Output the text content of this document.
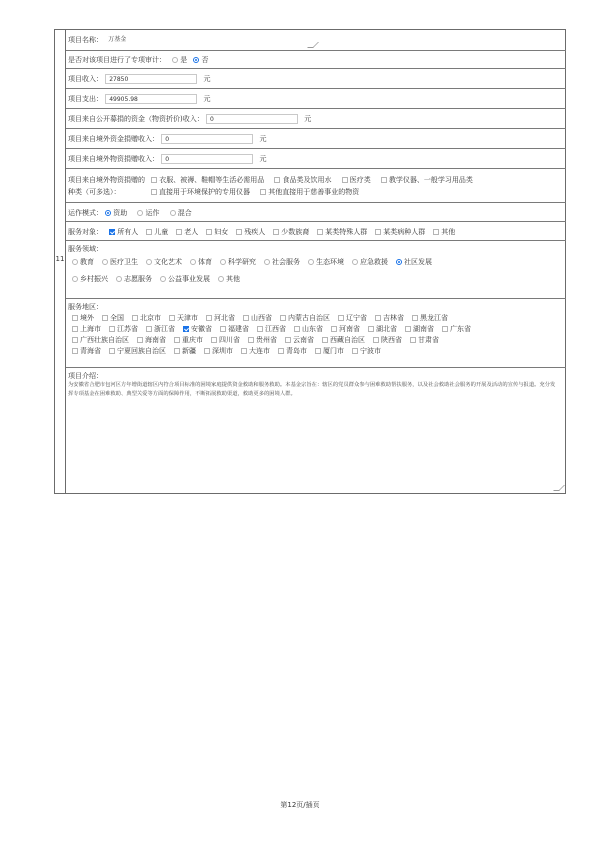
11
项目名称： 万基金
是否对该项目进行了专项审计： 是 否
项目收入： 27850	元
项目支出： 49905.98	元
项目来自公开募捐的资金（物资折价)收入： 0	元
项目来自境外资金捐赠收入： 0	元
项目来自境外物资捐赠收入： 0	元
项目来自境外物资捐赠的 衣服、被褥、鞋帽等生活必需用品	食品类及饮用水	医疗类	教学仪器、一般学习用品类
种类（可多选）：	直接用于环境保护的专用仪器	其他直接用于慈善事业的物资
运作模式： 资助	运作	混合
服务对象： 所有人 儿童 老人 妇女 残疾人 少数族裔 某类特殊人群 某类病种人群 其他
服务领域：
教育 医疗卫生 文化艺术 体育 科学研究 社会服务 生态环境 应急救援 社区发展
乡村振兴 志愿服务 公益事业发展 其他
服务地区：
境外 全国 北京市 天津市 河北省 山西省 内蒙古自治区 辽宁省 吉林省 黑龙江省
上海市 江苏省 浙江省 安徽省 福建省 江西省 山东省 河南省 湖北省 湖南省 广东省
广西壮族自治区 海南省 重庆市 四川省 贵州省 云南省 西藏自治区 陕西省 甘肃省
青海省 宁夏回族自治区 新疆 深圳市 大连市 青岛市 厦门市 宁波市
项目介绍：
为安徽省合肥市包河区方年增街道辖区内符合项目标准的困境家庭提供资金救助和服务救助。本基金宗旨在：辖区的党员群众参与困难救助帮扶服务，以及社会救助社会服务的开展及活动的宣传与报道。充分发挥专项基金在困难救助、典型关爱等方面的保障作用，不断拓展救助渠道，救助更多的困境人群。
第12页/插页
